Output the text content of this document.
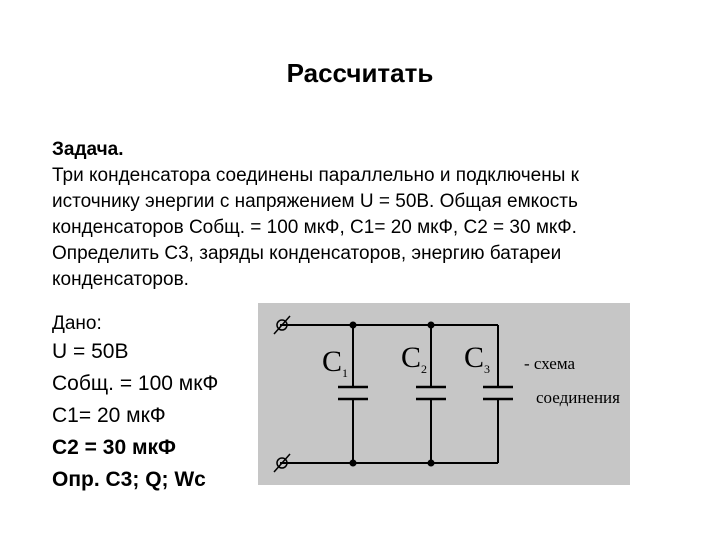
Рассчитать
Задача.
Три конденсатора соединены параллельно и подключены к
источнику энергии с напряжением U = 50В. Общая емкость
конденсаторов Cобщ. = 100 мкФ, С1= 20 мкФ, С2 = 30 мкФ.
Определить С3, заряды конденсаторов, энергию батареи
конденсаторов.
Дано:
U = 50В
Cобщ. = 100 мкФ
С1= 20 мкФ
С2 = 30 мкФ
Опр. С3; Q; Wc
$C_1$ $C_2$ $C_3$ - схема
соединения
